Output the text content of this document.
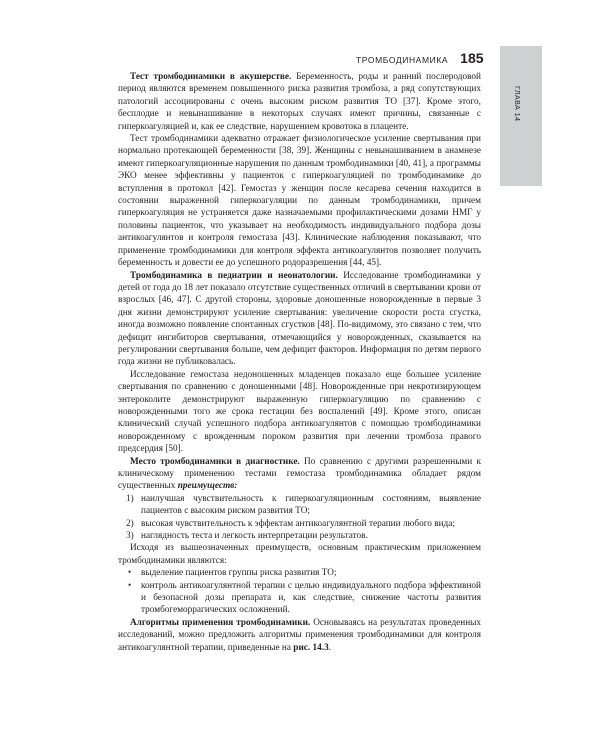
ГЛАВА 14
ТРОМБОДИНАМИКА 185

Тест тромбодинамики в акушерстве. Беременность, роды и ранний послеродовой период являются временем повышенного риска развития тромбоза, а ряд сопутствующих патологий ассоциированы с очень высоким риском развития ТО [37]. Кроме этого, бесплодие и невынашивание в некоторых случаях имеют причины, связанные с гиперкоагуляцией и, как ее следствие, нарушением кровотока в плаценте.

Тест тромбодинамики адекватно отражает физиологическое усиление свертывания при нормально протекающей беременности [38, 39]. Женщины с невынашиванием в анамнезе имеют гиперкоагуляционные нарушения по данным тромбодинамики [40, 41], а программы ЭКО менее эффективны у пациенток с гиперкоагуляцией по тромбодинамике до вступления в протокол [42]. Гемостаз у женщин после кесарева сечения находится в состоянии выраженной гиперкоагуляции по данным тромбодинамики, причем гиперкоагуляция не устраняется даже назначаемыми профилактическими дозами НМГ у половины пациенток, что указывает на необходимость индивидуального подбора дозы антикоагулянтов и контроля гемостаза [43]. Клинические наблюдения показывают, что применение тромбодинамики для контроля эффекта антикоагулянтов позволяет получить беременность и довести ее до успешного родоразрешения [44, 45].

Тромбодинамика в педиатрии и неонатологии. Исследование тромбодинамики у детей от года до 18 лет показало отсутствие существенных отличий в свертывании крови от взрослых [46, 47]. С другой стороны, здоровые доношенные новорожденные в первые 3 дня жизни демонстрируют усиление свертывания: увеличение скорости роста сгустка, иногда возможно появление спонтанных сгустков [48]. По-видимому, это связано с тем, что дефицит ингибиторов свертывания, отмечающийся у новорожденных, сказывается на регулировании свертывания больше, чем дефицит факторов. Информация по детям первого года жизни не публиковалась.

Исследование гемостаза недоношенных младенцев показало еще большее усиление свертывания по сравнению с доношенными [48]. Новорожденные при некротизирующем энтероколите демонстрируют выраженную гиперкоагуляцию по сравнению с новорожденными того же срока гестации без воспалений [49]. Кроме этого, описан клинический случай успешного подбора антикоагулянтов с помощью тромбодинамики новорожденному с врожденным пороком развития при лечении тромбоза правого предсердия [50].

Место тромбодинамики в диагностике. По сравнению с другими разрешенными к клиническому применению тестами гемостаза тромбодинамика обладает рядом существенных преимуществ:

1) наилучшая чувствительность к гиперкоагуляционным состояниям, выявление пациентов с высоким риском развития ТО;
2) высокая чувствительность к эффектам антикоагулянтной терапии любого вида;
3) наглядность теста и легкость интерпретации результатов.

Исходя из вышеозначенных преимуществ, основным практическим приложением тромбодинамики являются:

• выделение пациентов группы риска развития ТО;
• контроль антикоагулянтной терапии с целью индивидуального подбора эффективной и безопасной дозы препарата и, как следствие, снижение частоты развития тромбогеморрагических осложнений.

Алгоритмы применения тромбодинамики. Основываясь на результатах проведенных исследований, можно предложить алгоритмы применения тромбодинамики для контроля антикоагулянтной терапии, приведенные на рис. 14.3.
